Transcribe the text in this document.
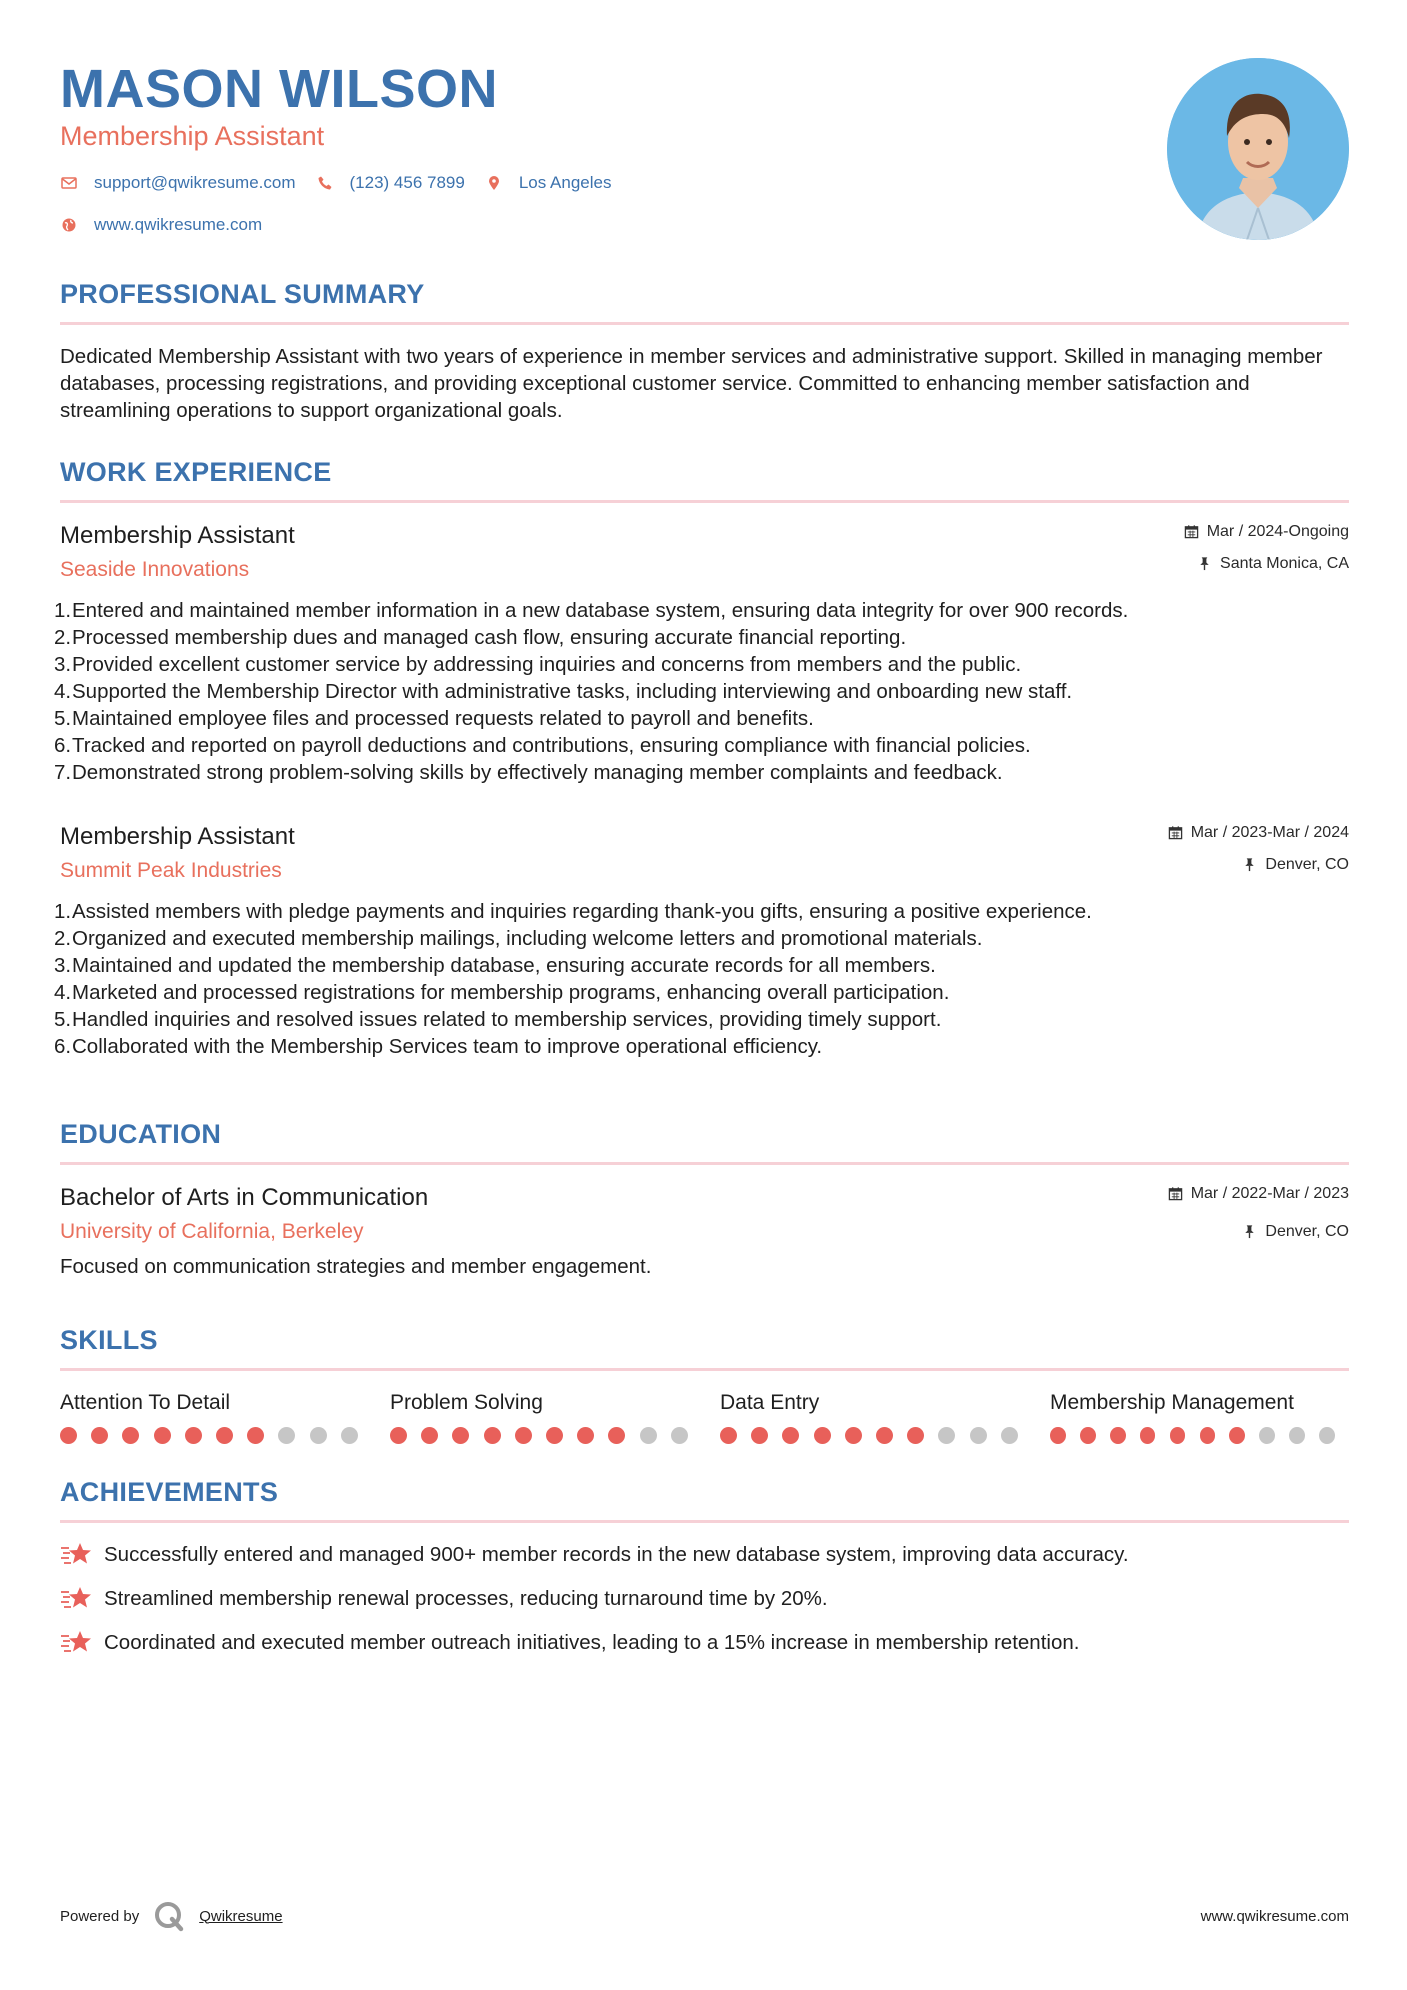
MASON WILSON
Membership Assistant
support@qwikresume.com	(123) 456 7899	Los Angeles
www.qwikresume.com
PROFESSIONAL SUMMARY
Dedicated Membership Assistant with two years of experience in member services and administrative support. Skilled in managing member databases, processing registrations, and providing exceptional customer service. Committed to enhancing member satisfaction and streamlining operations to support organizational goals.
WORK EXPERIENCE
Membership Assistant
Seaside Innovations
Mar / 2024-Ongoing
Santa Monica, CA
1. Entered and maintained member information in a new database system, ensuring data integrity for over 900 records.
2. Processed membership dues and managed cash flow, ensuring accurate financial reporting.
3. Provided excellent customer service by addressing inquiries and concerns from members and the public.
4. Supported the Membership Director with administrative tasks, including interviewing and onboarding new staff.
5. Maintained employee files and processed requests related to payroll and benefits.
6. Tracked and reported on payroll deductions and contributions, ensuring compliance with financial policies.
7. Demonstrated strong problem-solving skills by effectively managing member complaints and feedback.
Membership Assistant
Summit Peak Industries
Mar / 2023-Mar / 2024
Denver, CO
1. Assisted members with pledge payments and inquiries regarding thank-you gifts, ensuring a positive experience.
2. Organized and executed membership mailings, including welcome letters and promotional materials.
3. Maintained and updated the membership database, ensuring accurate records for all members.
4. Marketed and processed registrations for membership programs, enhancing overall participation.
5. Handled inquiries and resolved issues related to membership services, providing timely support.
6. Collaborated with the Membership Services team to improve operational efficiency.
EDUCATION
Bachelor of Arts in Communication
University of California, Berkeley
Mar / 2022-Mar / 2023
Denver, CO
Focused on communication strategies and member engagement.
SKILLS
Attention To Detail	Problem Solving	Data Entry	Membership Management
ACHIEVEMENTS
Successfully entered and managed 900+ member records in the new database system, improving data accuracy.
Streamlined membership renewal processes, reducing turnaround time by 20%.
Coordinated and executed member outreach initiatives, leading to a 15% increase in membership retention.
Powered by	Qwikresume	www.qwikresume.com
